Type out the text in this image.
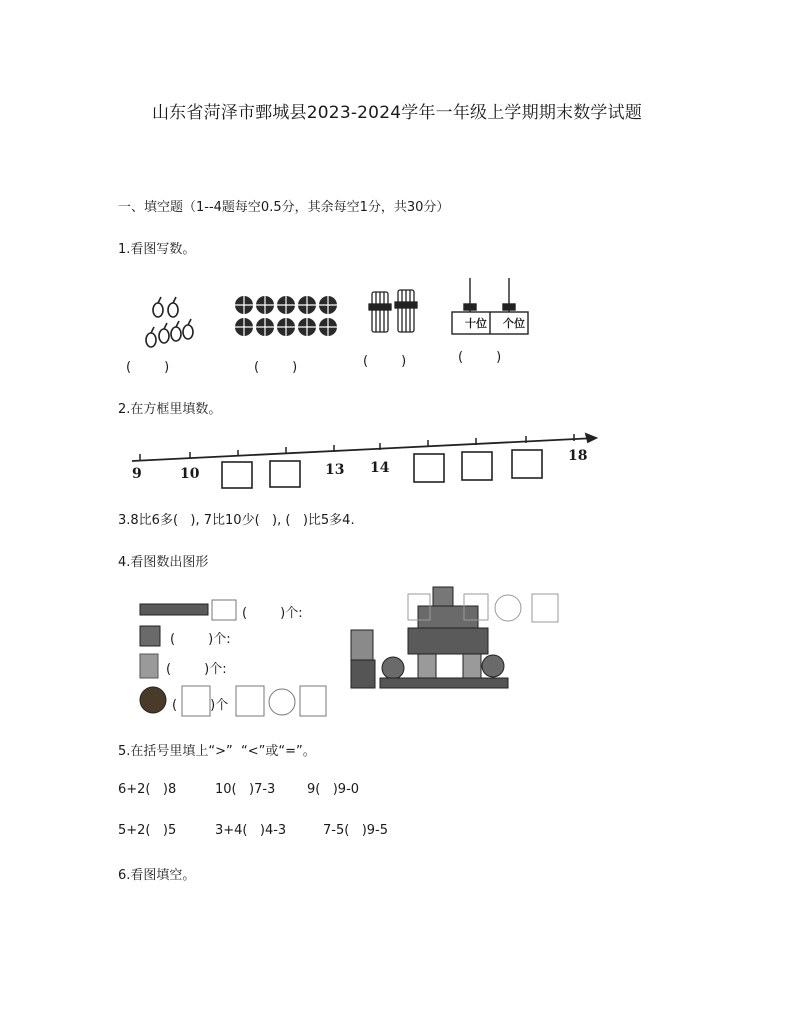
山东省菏泽市鄄城县2023-2024学年一年级上学期期末数学试题
一、填空题（1--4题每空0.5分，其余每空1分，共30分）
1.看图写数。
十位	个位
(        )	(        )	(        )	(        )
2.在方框里填数。
9	10	13 14
18
3.8比6多(   ), 7比10少(   ), (   )比5多4.
4.看图数出图形
(        )个:
(        )个:
(        )个:
(        )个
5.在括号里填上“>”  “<”或“=”。
6+2(   )8	10(   )7-3 9(   )9-0
5+2(   )5	3+4(   )4-3	7-5(   )9-5
6.看图填空。
